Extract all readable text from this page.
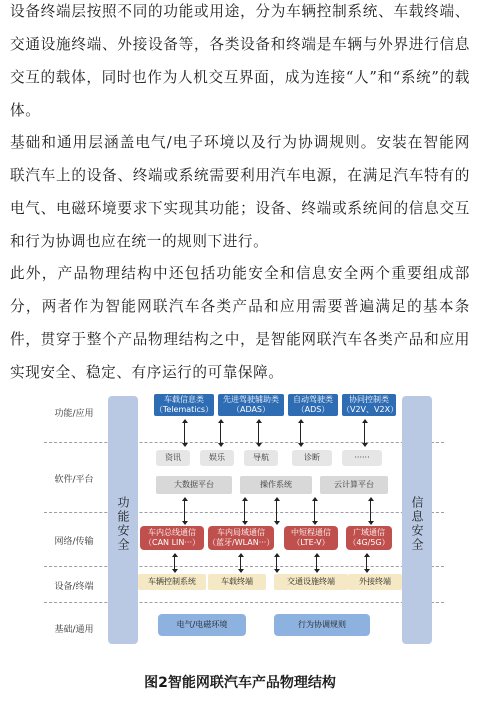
设备终端层按照不同的功能或用途，分为车辆控制系统、车载终端、交通设施终端、外接设备等，各类设备和终端是车辆与外界进行信息交互的载体，同时也作为人机交互界面，成为连接“人”和“系统”的载体。

基础和通用层涵盖电气/电子环境以及行为协调规则。安装在智能网联汽车上的设备、终端或系统需要利用汽车电源，在满足汽车特有的电气、电磁环境要求下实现其功能；设备、终端或系统间的信息交互和行为协调也应在统一的规则下进行。

此外，产品物理结构中还包括功能安全和信息安全两个重要组成部分，两者作为智能网联汽车各类产品和应用需要普遍满足的基本条件，贯穿于整个产品物理结构之中，是智能网联汽车各类产品和应用实现安全、稳定、有序运行的可靠保障。

功能/应用
软件/平台
网络/传输
设备/终端
基础/通用
功能安全	信息安全
车载信息类
（Telematics）
先进驾驶辅助类
（ADAS）
自动驾驶类
（ADS）
协同控制类
（V2V、V2X）
资讯	娱乐	导航	诊断	······
大数据平台	操作系统	云计算平台
车内总线通信
（CAN LIN···）
车内局域通信
（蓝牙/WLAN···）
中短程通信
（LTE-V）
广域通信
（4G/5G）
车辆控制系统	车载终端	交通设施终端	外接终端
电气/电磁环境	行为协调规则
图2智能网联汽车产品物理结构
